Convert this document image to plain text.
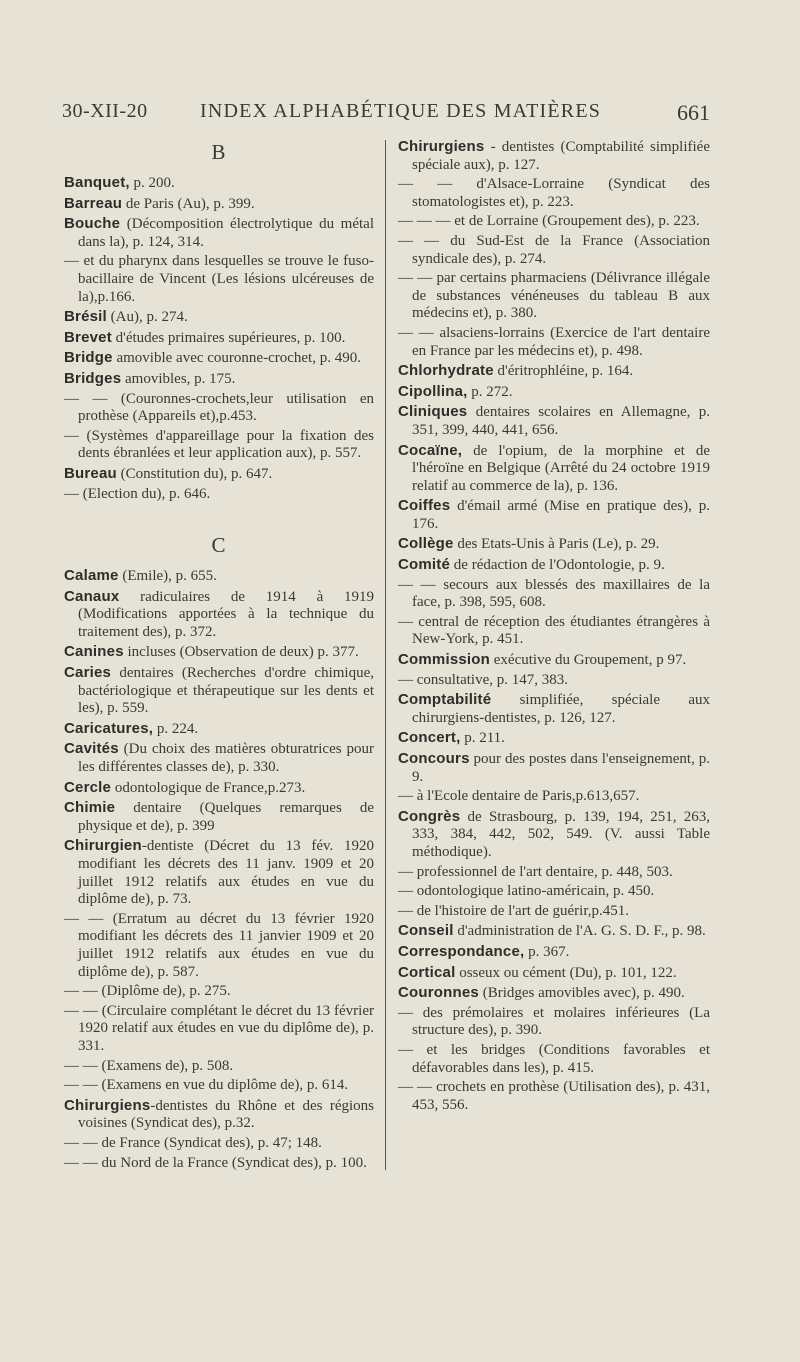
30-XII-20	INDEX ALPHABÉTIQUE DES MATIÈRES	661
B
Banquet, p. 200.
Barreau de Paris (Au), p. 399.
Bouche (Décomposition électrolytique du métal dans la), p. 124, 314.
— et du pharynx dans lesquelles se trouve le fuso-bacillaire de Vincent (Les lésions ulcéreuses de la),p.166.
Brésil (Au), p. 274.
Brevet d'études primaires supérieures, p. 100.
Bridge amovible avec couronne-crochet, p. 490.
Bridges amovibles, p. 175.
— — (Couronnes-crochets,leur utilisation en prothèse (Appareils et),p.453.
— (Systèmes d'appareillage pour la fixation des dents ébranlées et leur application aux), p. 557.
Bureau (Constitution du), p. 647.
— (Election du), p. 646.
C
Calame (Emile), p. 655.
Canaux radiculaires de 1914 à 1919 (Modifications apportées à la technique du traitement des), p. 372.
Canines incluses (Observation de deux) p. 377.
Caries dentaires (Recherches d'ordre chimique, bactériologique et thérapeutique sur les dents et les), p. 559.
Caricatures, p. 224.
Cavités (Du choix des matières obturatrices pour les différentes classes de), p. 330.
Cercle odontologique de France,p.273.
Chimie dentaire (Quelques remarques de physique et de), p. 399
Chirurgien-dentiste (Décret du 13 fév. 1920 modifiant les décrets des 11 janv. 1909 et 20 juillet 1912 relatifs aux études en vue du diplôme de), p. 73.
— — (Erratum au décret du 13 février 1920 modifiant les décrets des 11 janvier 1909 et 20 juillet 1912 relatifs aux études en vue du diplôme de), p. 587.
— — (Diplôme de), p. 275.
— — (Circulaire complétant le décret du 13 février 1920 relatif aux études en vue du diplôme de), p. 331.
— — (Examens de), p. 508.
— — (Examens en vue du diplôme de), p. 614.
Chirurgiens-dentistes du Rhône et des régions voisines (Syndicat des), p.32.
— — de France (Syndicat des), p. 47; 148.
— — du Nord de la France (Syndicat des), p. 100.
Chirurgiens - dentistes (Comptabilité simplifiée spéciale aux), p. 127.
— — d'Alsace-Lorraine (Syndicat des stomatologistes et), p. 223.
— — — et de Lorraine (Groupement des), p. 223.
— — du Sud-Est de la France (Association syndicale des), p. 274.
— — par certains pharmaciens (Délivrance illégale de substances vénéneuses du tableau B aux médecins et), p. 380.
— — alsaciens-lorrains (Exercice de l'art dentaire en France par les médecins et), p. 498.
Chlorhydrate d'éritrophléine, p. 164.
Cipollina, p. 272.
Cliniques dentaires scolaires en Allemagne, p. 351, 399, 440, 441, 656.
Cocaïne, de l'opium, de la morphine et de l'héroïne en Belgique (Arrêté du 24 octobre 1919 relatif au commerce de la), p. 136.
Coiffes d'émail armé (Mise en pratique des), p. 176.
Collège des Etats-Unis à Paris (Le), p. 29.
Comité de rédaction de l'Odontologie, p. 9.
— — secours aux blessés des maxillaires de la face, p. 398, 595, 608.
— central de réception des étudiantes étrangères à New-York, p. 451.
Commission exécutive du Groupement, p 97.
— consultative, p. 147, 383.
Comptabilité simplifiée, spéciale aux chirurgiens-dentistes, p. 126, 127.
Concert, p. 211.
Concours pour des postes dans l'enseignement, p. 9.
— à l'Ecole dentaire de Paris,p.613,657.
Congrès de Strasbourg, p. 139, 194, 251, 263, 333, 384, 442, 502, 549. (V. aussi Table méthodique).
— professionnel de l'art dentaire, p. 448, 503.
— odontologique latino-américain, p. 450.
— de l'histoire de l'art de guérir,p.451.
Conseil d'administration de l'A. G. S. D. F., p. 98.
Correspondance, p. 367.
Cortical osseux ou cément (Du), p. 101, 122.
Couronnes (Bridges amovibles avec), p. 490.
— des prémolaires et molaires inférieures (La structure des), p. 390.
— et les bridges (Conditions favorables et défavorables dans les), p. 415.
— — crochets en prothèse (Utilisation des), p. 431, 453, 556.
